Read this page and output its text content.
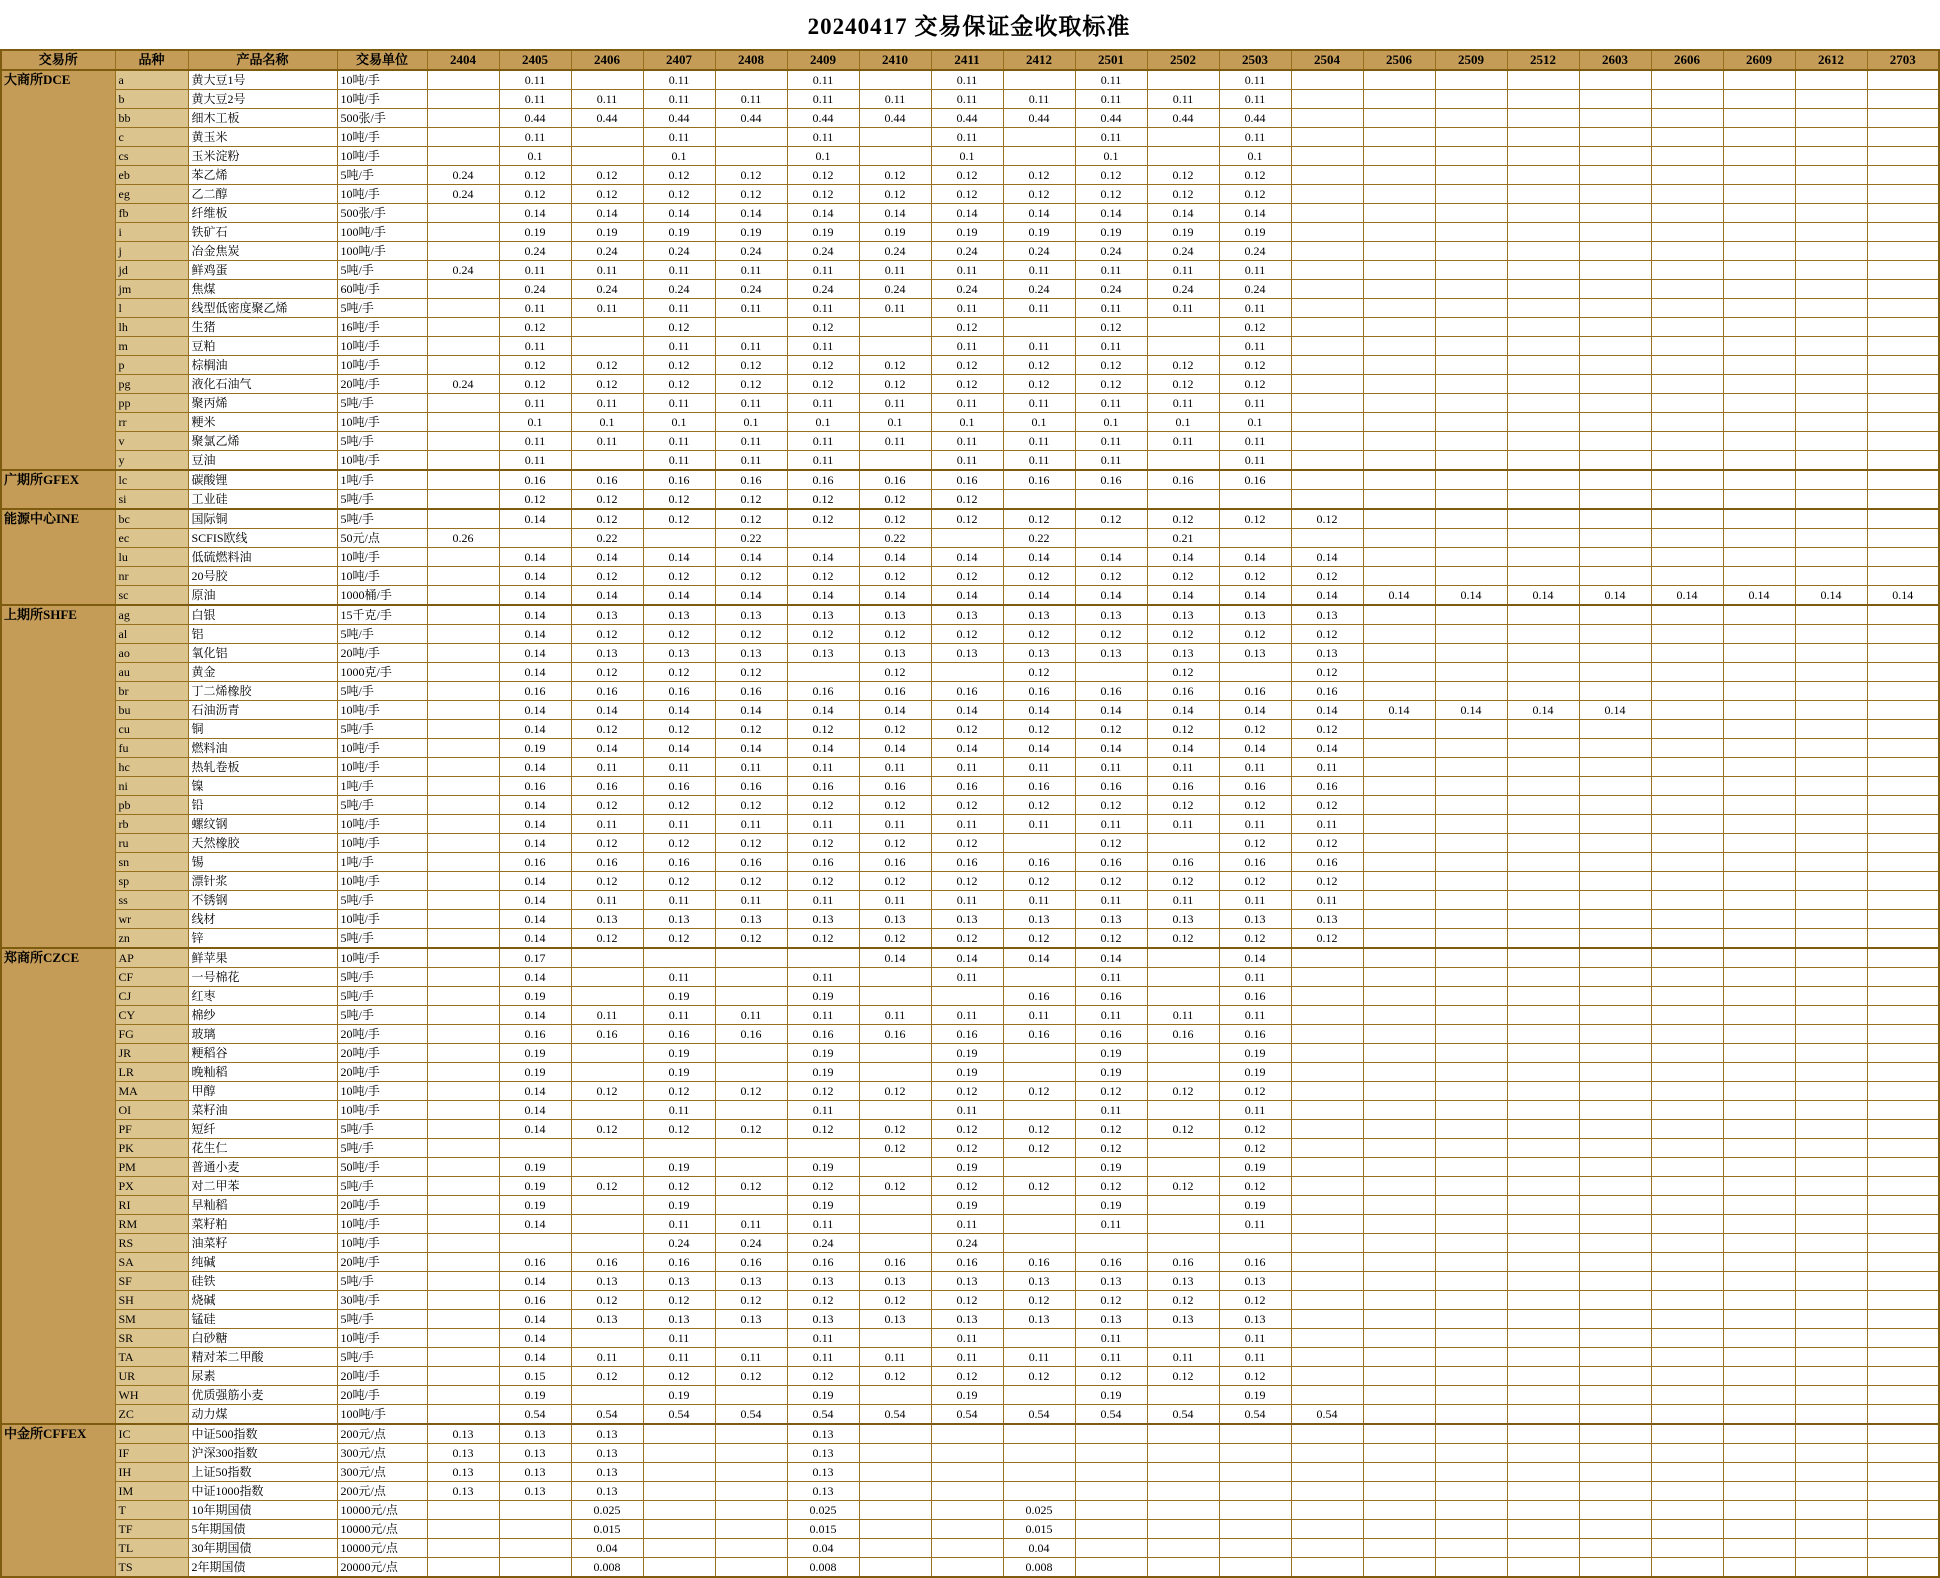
20240417 交易保证金收取标准
交易所	品种	产品名称	交易单位	2404	2405	2406	2407	2408	2409	2410	2411	2412	2501	2502	2503	2504	2506	2509	2512	2603	2606	2609	2612	2703
大商所DCE	a	黄大豆1号	10吨/手		0.11		0.11		0.11		0.11		0.11		0.11									
	b	黄大豆2号	10吨/手		0.11	0.11	0.11	0.11	0.11	0.11	0.11	0.11	0.11	0.11	0.11									
	bb	细木工板	500张/手		0.44	0.44	0.44	0.44	0.44	0.44	0.44	0.44	0.44	0.44	0.44									
	c	黄玉米	10吨/手		0.11		0.11		0.11		0.11		0.11		0.11									
	cs	玉米淀粉	10吨/手		0.1		0.1		0.1		0.1		0.1		0.1									
	eb	苯乙烯	5吨/手	0.24	0.12	0.12	0.12	0.12	0.12	0.12	0.12	0.12	0.12	0.12	0.12									
	eg	乙二醇	10吨/手	0.24	0.12	0.12	0.12	0.12	0.12	0.12	0.12	0.12	0.12	0.12	0.12									
	fb	纤维板	500张/手		0.14	0.14	0.14	0.14	0.14	0.14	0.14	0.14	0.14	0.14	0.14									
	i	铁矿石	100吨/手		0.19	0.19	0.19	0.19	0.19	0.19	0.19	0.19	0.19	0.19	0.19									
	j	冶金焦炭	100吨/手		0.24	0.24	0.24	0.24	0.24	0.24	0.24	0.24	0.24	0.24	0.24									
	jd	鲜鸡蛋	5吨/手	0.24	0.11	0.11	0.11	0.11	0.11	0.11	0.11	0.11	0.11	0.11	0.11									
	jm	焦煤	60吨/手		0.24	0.24	0.24	0.24	0.24	0.24	0.24	0.24	0.24	0.24	0.24									
	l	线型低密度聚乙烯	5吨/手		0.11	0.11	0.11	0.11	0.11	0.11	0.11	0.11	0.11	0.11	0.11									
	lh	生猪	16吨/手		0.12		0.12		0.12		0.12		0.12		0.12									
	m	豆粕	10吨/手		0.11		0.11	0.11	0.11		0.11	0.11	0.11		0.11									
	p	棕榈油	10吨/手		0.12	0.12	0.12	0.12	0.12	0.12	0.12	0.12	0.12	0.12	0.12									
	pg	液化石油气	20吨/手	0.24	0.12	0.12	0.12	0.12	0.12	0.12	0.12	0.12	0.12	0.12	0.12									
	pp	聚丙烯	5吨/手		0.11	0.11	0.11	0.11	0.11	0.11	0.11	0.11	0.11	0.11	0.11									
	rr	粳米	10吨/手		0.1	0.1	0.1	0.1	0.1	0.1	0.1	0.1	0.1	0.1	0.1									
	v	聚氯乙烯	5吨/手		0.11	0.11	0.11	0.11	0.11	0.11	0.11	0.11	0.11	0.11	0.11									
	y	豆油	10吨/手		0.11		0.11	0.11	0.11		0.11	0.11	0.11		0.11									
广期所GFEX	lc	碳酸锂	1吨/手		0.16	0.16	0.16	0.16	0.16	0.16	0.16	0.16	0.16	0.16	0.16									
	si	工业硅	5吨/手		0.12	0.12	0.12	0.12	0.12	0.12	0.12													
能源中心INE	bc	国际铜	5吨/手		0.14	0.12	0.12	0.12	0.12	0.12	0.12	0.12	0.12	0.12	0.12	0.12								
	ec	SCFIS欧线	50元/点	0.26		0.22		0.22		0.22		0.22		0.21										
	lu	低硫燃料油	10吨/手		0.14	0.14	0.14	0.14	0.14	0.14	0.14	0.14	0.14	0.14	0.14	0.14								
	nr	20号胶	10吨/手		0.14	0.12	0.12	0.12	0.12	0.12	0.12	0.12	0.12	0.12	0.12	0.12								
	sc	原油	1000桶/手		0.14	0.14	0.14	0.14	0.14	0.14	0.14	0.14	0.14	0.14	0.14	0.14	0.14	0.14	0.14	0.14	0.14	0.14	0.14	0.14
上期所SHFE	ag	白银	15千克/手		0.14	0.13	0.13	0.13	0.13	0.13	0.13	0.13	0.13	0.13	0.13	0.13								
	al	铝	5吨/手		0.14	0.12	0.12	0.12	0.12	0.12	0.12	0.12	0.12	0.12	0.12	0.12								
	ao	氧化铝	20吨/手		0.14	0.13	0.13	0.13	0.13	0.13	0.13	0.13	0.13	0.13	0.13	0.13								
	au	黄金	1000克/手		0.14	0.12	0.12	0.12		0.12		0.12		0.12		0.12								
	br	丁二烯橡胶	5吨/手		0.16	0.16	0.16	0.16	0.16	0.16	0.16	0.16	0.16	0.16	0.16	0.16								
	bu	石油沥青	10吨/手		0.14	0.14	0.14	0.14	0.14	0.14	0.14	0.14	0.14	0.14	0.14	0.14	0.14	0.14	0.14	0.14				
	cu	铜	5吨/手		0.14	0.12	0.12	0.12	0.12	0.12	0.12	0.12	0.12	0.12	0.12	0.12								
	fu	燃料油	10吨/手		0.19	0.14	0.14	0.14	0.14	0.14	0.14	0.14	0.14	0.14	0.14	0.14								
	hc	热轧卷板	10吨/手		0.14	0.11	0.11	0.11	0.11	0.11	0.11	0.11	0.11	0.11	0.11	0.11								
	ni	镍	1吨/手		0.16	0.16	0.16	0.16	0.16	0.16	0.16	0.16	0.16	0.16	0.16	0.16								
	pb	铅	5吨/手		0.14	0.12	0.12	0.12	0.12	0.12	0.12	0.12	0.12	0.12	0.12	0.12								
	rb	螺纹钢	10吨/手		0.14	0.11	0.11	0.11	0.11	0.11	0.11	0.11	0.11	0.11	0.11	0.11								
	ru	天然橡胶	10吨/手		0.14	0.12	0.12	0.12	0.12	0.12	0.12		0.12		0.12	0.12								
	sn	锡	1吨/手		0.16	0.16	0.16	0.16	0.16	0.16	0.16	0.16	0.16	0.16	0.16	0.16								
	sp	漂针浆	10吨/手		0.14	0.12	0.12	0.12	0.12	0.12	0.12	0.12	0.12	0.12	0.12	0.12								
	ss	不锈钢	5吨/手		0.14	0.11	0.11	0.11	0.11	0.11	0.11	0.11	0.11	0.11	0.11	0.11								
	wr	线材	10吨/手		0.14	0.13	0.13	0.13	0.13	0.13	0.13	0.13	0.13	0.13	0.13	0.13								
	zn	锌	5吨/手		0.14	0.12	0.12	0.12	0.12	0.12	0.12	0.12	0.12	0.12	0.12	0.12								
郑商所CZCE	AP	鲜苹果	10吨/手		0.17					0.14	0.14	0.14	0.14		0.14									
	CF	一号棉花	5吨/手		0.14		0.11		0.11		0.11		0.11		0.11									
	CJ	红枣	5吨/手		0.19		0.19		0.19			0.16	0.16		0.16									
	CY	棉纱	5吨/手		0.14	0.11	0.11	0.11	0.11	0.11	0.11	0.11	0.11	0.11	0.11									
	FG	玻璃	20吨/手		0.16	0.16	0.16	0.16	0.16	0.16	0.16	0.16	0.16	0.16	0.16									
	JR	粳稻谷	20吨/手		0.19		0.19		0.19		0.19		0.19		0.19									
	LR	晚籼稻	20吨/手		0.19		0.19		0.19		0.19		0.19		0.19									
	MA	甲醇	10吨/手		0.14	0.12	0.12	0.12	0.12	0.12	0.12	0.12	0.12	0.12	0.12									
	OI	菜籽油	10吨/手		0.14		0.11		0.11		0.11		0.11		0.11									
	PF	短纤	5吨/手		0.14	0.12	0.12	0.12	0.12	0.12	0.12	0.12	0.12	0.12	0.12									
	PK	花生仁	5吨/手							0.12	0.12	0.12	0.12		0.12									
	PM	普通小麦	50吨/手		0.19		0.19		0.19		0.19		0.19		0.19									
	PX	对二甲苯	5吨/手		0.19	0.12	0.12	0.12	0.12	0.12	0.12	0.12	0.12	0.12	0.12									
	RI	早籼稻	20吨/手		0.19		0.19		0.19		0.19		0.19		0.19									
	RM	菜籽粕	10吨/手		0.14		0.11	0.11	0.11		0.11		0.11		0.11									
	RS	油菜籽	10吨/手				0.24	0.24	0.24		0.24													
	SA	纯碱	20吨/手		0.16	0.16	0.16	0.16	0.16	0.16	0.16	0.16	0.16	0.16	0.16									
	SF	硅铁	5吨/手		0.14	0.13	0.13	0.13	0.13	0.13	0.13	0.13	0.13	0.13	0.13									
	SH	烧碱	30吨/手		0.16	0.12	0.12	0.12	0.12	0.12	0.12	0.12	0.12	0.12	0.12									
	SM	锰硅	5吨/手		0.14	0.13	0.13	0.13	0.13	0.13	0.13	0.13	0.13	0.13	0.13									
	SR	白砂糖	10吨/手		0.14		0.11		0.11		0.11		0.11		0.11									
	TA	精对苯二甲酸	5吨/手		0.14	0.11	0.11	0.11	0.11	0.11	0.11	0.11	0.11	0.11	0.11									
	UR	尿素	20吨/手		0.15	0.12	0.12	0.12	0.12	0.12	0.12	0.12	0.12	0.12	0.12									
	WH	优质强筋小麦	20吨/手		0.19		0.19		0.19		0.19		0.19		0.19									
	ZC	动力煤	100吨/手		0.54	0.54	0.54	0.54	0.54	0.54	0.54	0.54	0.54	0.54	0.54	0.54								
中金所CFFEX	IC	中证500指数	200元/点	0.13	0.13	0.13			0.13															
	IF	沪深300指数	300元/点	0.13	0.13	0.13			0.13															
	IH	上证50指数	300元/点	0.13	0.13	0.13			0.13															
	IM	中证1000指数	200元/点	0.13	0.13	0.13			0.13															
	T	10年期国债	10000元/点			0.025			0.025			0.025												
	TF	5年期国债	10000元/点			0.015			0.015			0.015												
	TL	30年期国债	10000元/点			0.04			0.04			0.04												
	TS	2年期国债	20000元/点			0.008			0.008			0.008												
